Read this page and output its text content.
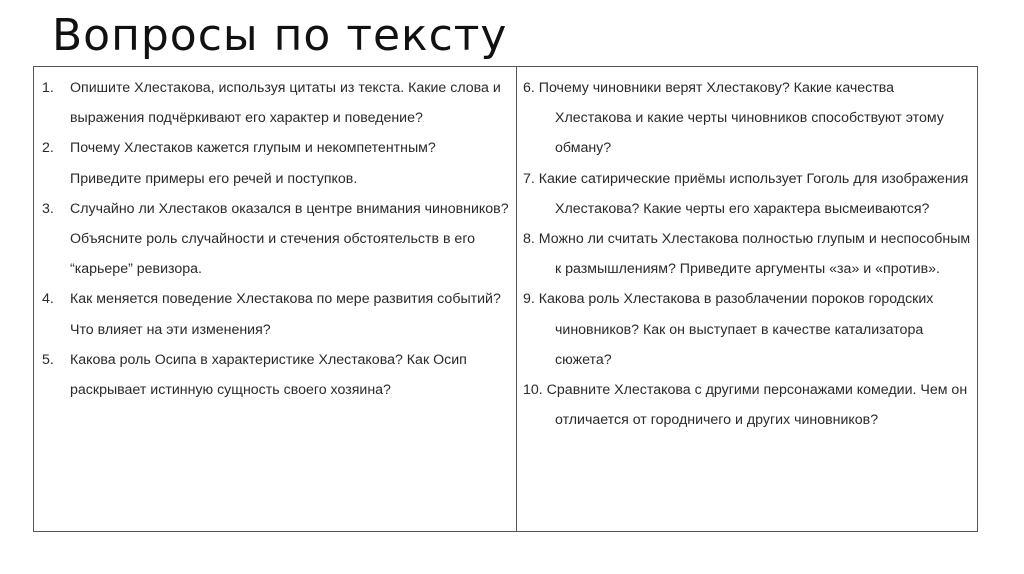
Вопросы по тексту
1. Опишите Хлестакова, используя цитаты из текста. Какие слова и выражения подчёркивают его характер и поведение?
2. Почему Хлестаков кажется глупым и некомпетентным? Приведите примеры его речей и поступков.
3. Случайно ли Хлестаков оказался в центре внимания чиновников? Объясните роль случайности и стечения обстоятельств в его “карьере” ревизора.
4. Как меняется поведение Хлестакова по мере развития событий? Что влияет на эти изменения?
5. Какова роль Осипа в характеристике Хлестакова? Как Осип раскрывает истинную сущность своего хозяина?

6. Почему чиновники верят Хлестакову? Какие качества Хлестакова и какие черты чиновников способствуют этому обману?
7. Какие сатирические приёмы использует Гоголь для изображения Хлестакова? Какие черты его характера высмеиваются?
8. Можно ли считать Хлестакова полностью глупым и неспособным к размышлениям? Приведите аргументы «за» и «против».
9. Какова роль Хлестакова в разоблачении пороков городских чиновников? Как он выступает в качестве катализатора сюжета?
10. Сравните Хлестакова с другими персонажами комедии. Чем он отличается от городничего и других чиновников?
